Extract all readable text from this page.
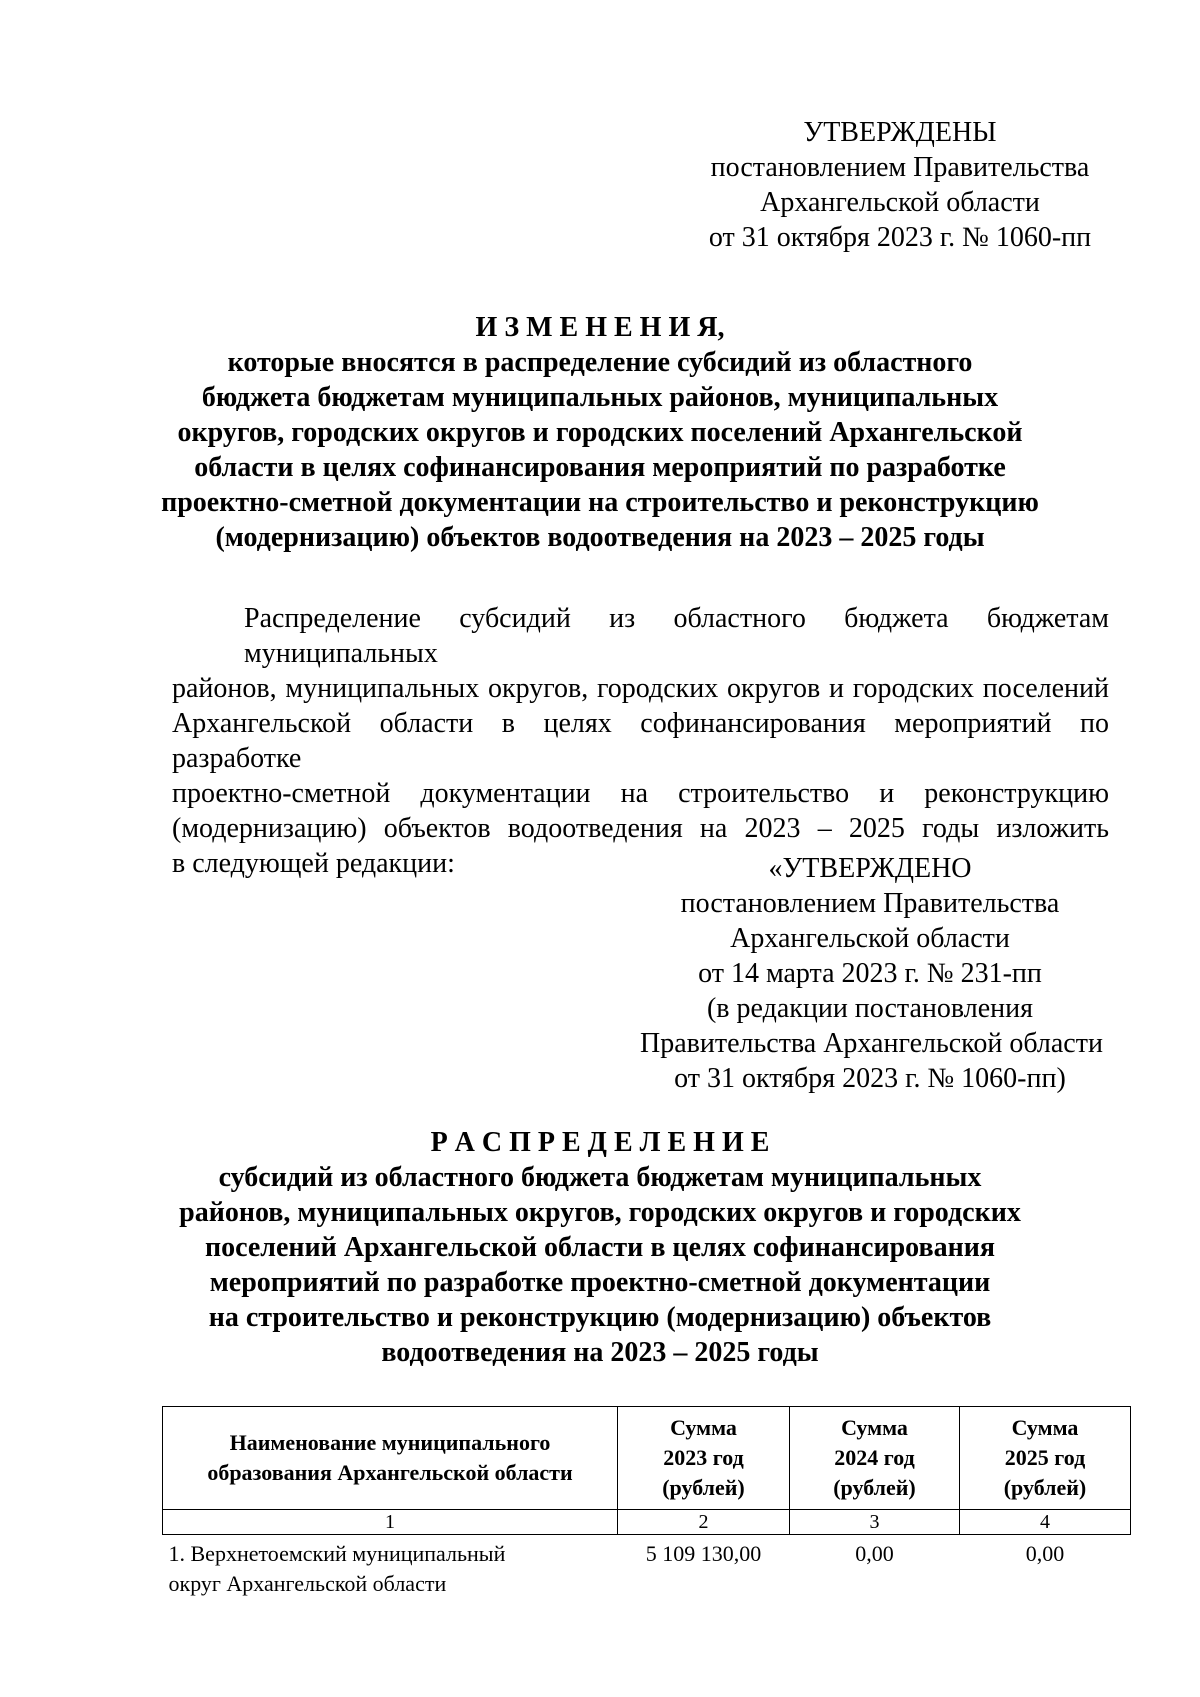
УТВЕРЖДЕНЫ
постановлением Правительства
Архангельской области
от 31 октября 2023 г. № 1060-пп
И З М Е Н Е Н И Я,
которые вносятся в распределение субсидий из областного
бюджета бюджетам муниципальных районов, муниципальных
округов, городских округов и городских поселений Архангельской
области в целях софинансирования мероприятий по разработке
проектно-сметной документации на строительство и реконструкцию
(модернизацию) объектов водоотведения на 2023 – 2025 годы
Распределение субсидий из областного бюджета бюджетам муниципальных
районов, муниципальных округов, городских округов и городских поселений
Архангельской области в целях софинансирования мероприятий по разработке
проектно-сметной документации на строительство и реконструкцию
(модернизацию) объектов водоотведения на 2023 – 2025 годы изложить
в следующей редакции:	«УТВЕРЖДЕНО
постановлением Правительства
Архангельской области
от 14 марта 2023 г. № 231-пп
(в редакции постановления
Правительства Архангельской области
от 31 октября 2023 г. № 1060-пп)
Р А С П Р Е Д Е Л Е Н И Е
субсидий из областного бюджета бюджетам муниципальных
районов, муниципальных округов, городских округов и городских
поселений Архангельской области в целях софинансирования
мероприятий по разработке проектно-сметной документации
на строительство и реконструкцию (модернизацию) объектов
водоотведения на 2023 – 2025 годы
Наименование муниципального
образования Архангельской области	Сумма
2023 год
(рублей)	Сумма
2024 год
(рублей)	Сумма
2025 год
(рублей)

1	2	3	4

1. Верхнетоемский муниципальный
округ Архангельской области	5 109 130,00	0,00	0,00
